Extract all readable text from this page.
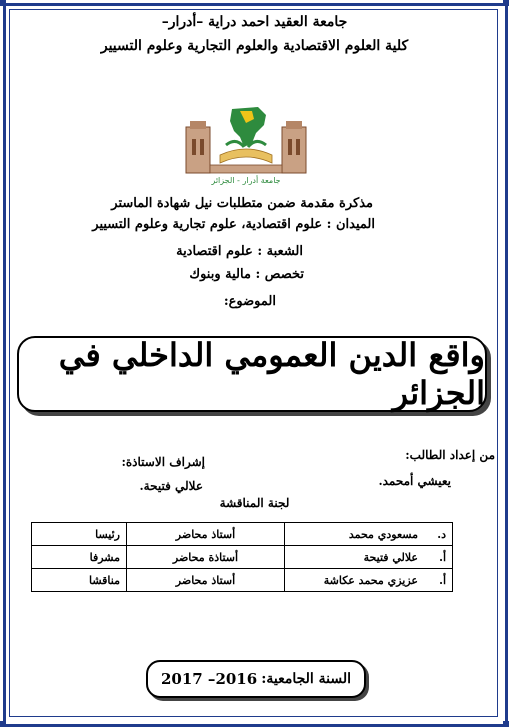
جامعة العقيد احمد دراية –أدرار–
كلية العلوم الاقتصادية والعلوم التجارية وعلوم التسيير
جامعة أدرار - الجزائر
مذكرة مقدمة ضمن متطلبات نيل شهادة الماستر
الميدان : علوم اقتصادية، علوم تجارية وعلوم التسيير
الشعبة : علوم اقتصادية
تخصص : مالية وبنوك
الموضوع:
واقع الدين العمومي الداخلي في الجزائر
من إعداد الطالب:
يعيشي أمحمد.
إشراف الاستاذة:
علالي فتيحة.
لجنة المناقشة
د.مسعودي محمد	أستاذ محاضر	رئيسا
أ.علالي فتيحة	أستاذة محاضر	مشرفا
أ.عزيزي محمد عكاشة	أستاذ محاضر	مناقشا
السنة الجامعية:
2016– 2017
